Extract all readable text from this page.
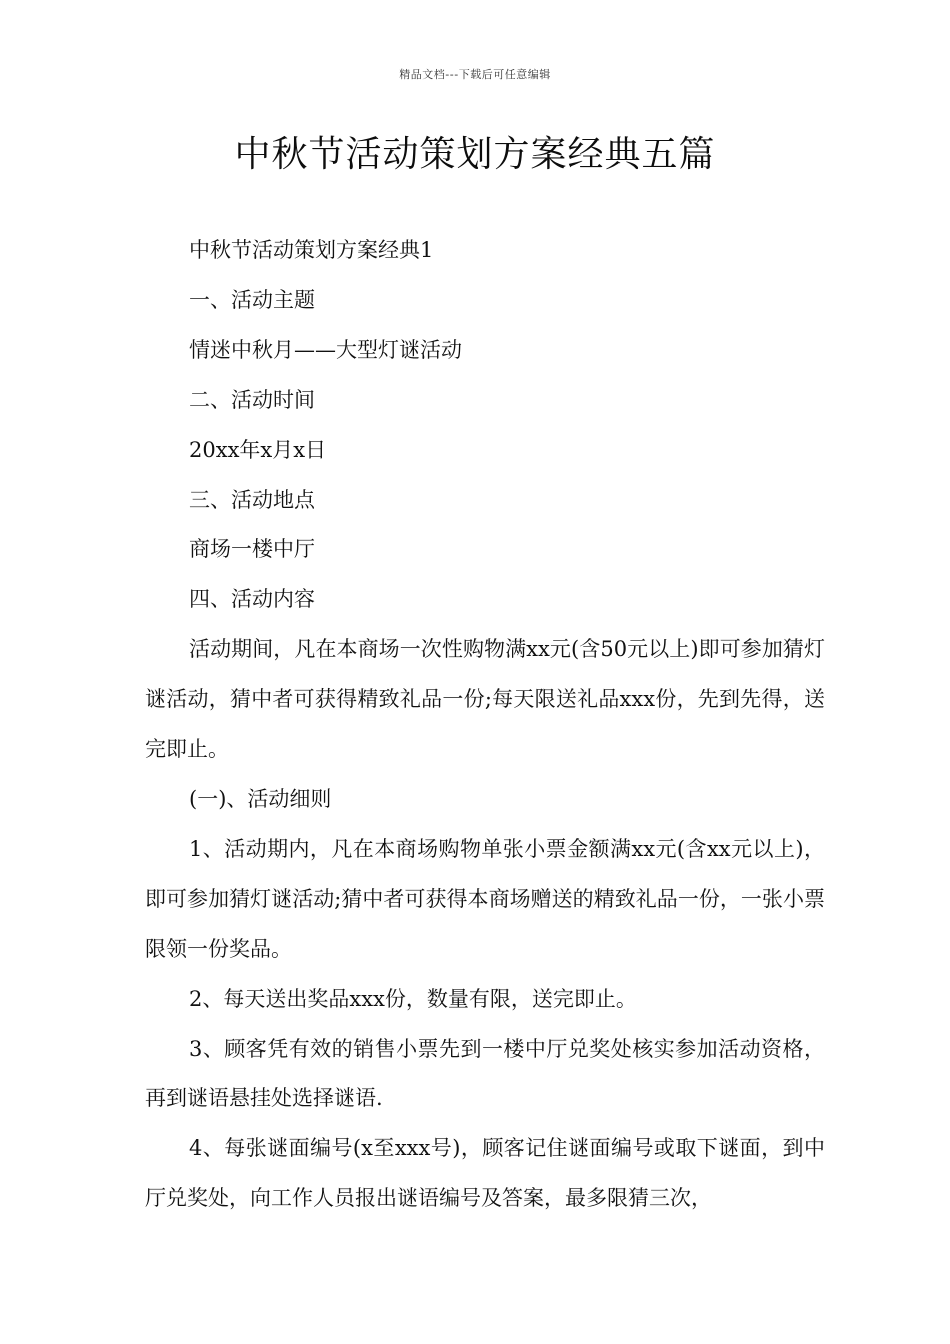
精品文档---下载后可任意编辑
中秋节活动策划方案经典五篇

中秋节活动策划方案经典1

一、活动主题

情迷中秋月——大型灯谜活动

二、活动时间

20xx年x月x日

三、活动地点

商场一楼中厅

四、活动内容

活动期间，凡在本商场一次性购物满xx元(含50元以上)即可参加猜灯谜活动，猜中者可获得精致礼品一份;每天限送礼品xxx份，先到先得，送完即止。

(一)、活动细则

1、活动期内，凡在本商场购物单张小票金额满xx元(含xx元以上)，即可参加猜灯谜活动;猜中者可获得本商场赠送的精致礼品一份，一张小票限领一份奖品。

2、每天送出奖品xxx份，数量有限，送完即止。

3、顾客凭有效的销售小票先到一楼中厅兑奖处核实参加活动资格，再到谜语悬挂处选择谜语.

4、每张谜面编号(x至xxx号)，顾客记住谜面编号或取下谜面，到中厅兑奖处，向工作人员报出谜语编号及答案，最多限猜三次，
